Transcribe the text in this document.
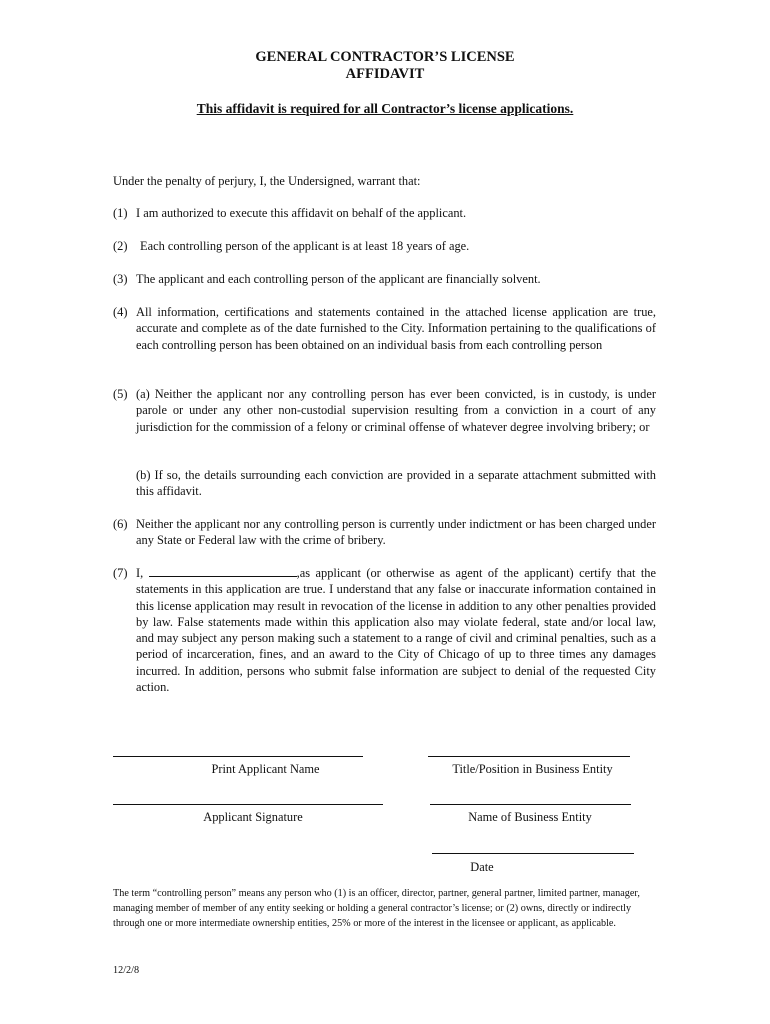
GENERAL CONTRACTOR’S LICENSE
AFFIDAVIT
This affidavit is required for all Contractor’s license applications.
Under the penalty of perjury, I, the Undersigned, warrant that:
(1) I am authorized to execute this affidavit on behalf of the applicant.
(2) Each controlling person of the applicant is at least 18 years of age.
(3) The applicant and each controlling person of the applicant are financially solvent.
(4) All information, certifications and statements contained in the attached license application are true, accurate and complete as of the date furnished to the City. Information pertaining to the qualifications of each controlling person has been obtained on an individual basis from each controlling person
(5) (a) Neither the applicant nor any controlling person has ever been convicted, is in custody, is under parole or under any other non-custodial supervision resulting from a conviction in a court of any jurisdiction for the commission of a felony or criminal offense of whatever degree involving bribery; or
(b) If so, the details surrounding each conviction are provided in a separate attachment submitted with this affidavit.
(6) Neither the applicant nor any controlling person is currently under indictment or has been charged under any State or Federal law with the crime of bribery.
(7) I,	,as applicant (or otherwise as agent of the applicant) certify that the statements in this application are true. I understand that any false or inaccurate information contained in this license application may result in revocation of the license in addition to any other penalties provided by law. False statements made within this application also may violate federal, state and/or local law, and may subject any person making such a statement to a range of civil and criminal penalties, such as a period of incarceration, fines, and an award to the City of Chicago of up to three times any damages incurred. In addition, persons who submit false information are subject to denial of the requested City action.
Print Applicant Name	Title/Position in Business Entity
Applicant Signature	Name of Business Entity
Date
The term “controlling person” means any person who (1) is an officer, director, partner, general partner, limited partner, manager, managing member of member of any entity seeking or holding a general contractor’s license; or (2) owns, directly or indirectly through one or more intermediate ownership entities, 25% or more of the interest in the licensee or applicant, as applicable.
12/2/8
